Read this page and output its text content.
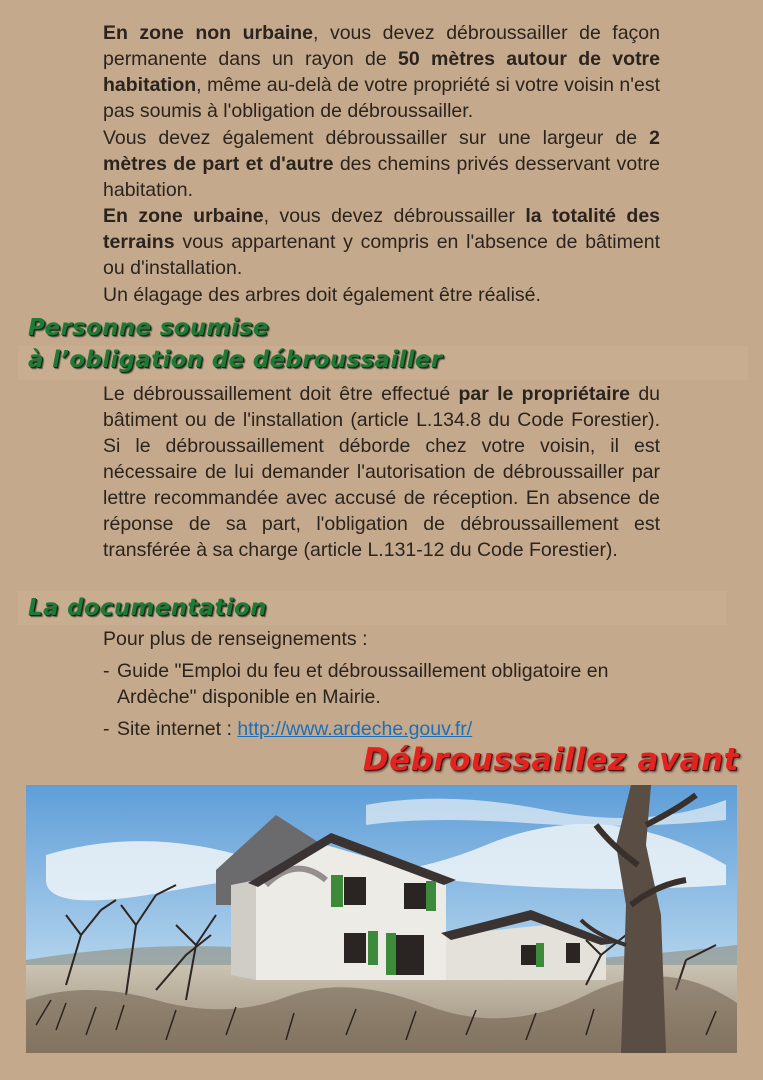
En zone non urbaine, vous devez débroussailler de façon permanente dans un rayon de 50 mètres autour de votre habitation, même au-delà de votre propriété si votre voisin n'est pas soumis à l'obligation de débroussailler.

Vous devez également débroussailler sur une largeur de 2 mètres de part et d'autre des chemins privés desservant votre habitation.

En zone urbaine, vous devez débroussailler la totalité des terrains vous appartenant y compris en l'absence de bâtiment ou d'installation.

Un élagage des arbres doit également être réalisé.

Personne soumise
à l’obligation de débroussailler

Le débroussaillement doit être effectué par le propriétaire du bâtiment ou de l'installation (article L.134.8 du Code Forestier). Si le débroussaillement déborde chez votre voisin, il est nécessaire de lui demander l'autorisation de débroussailler par lettre recommandée avec accusé de réception. En absence de réponse de sa part, l'obligation de débroussaillement est transférée à sa charge (article L.131-12 du Code Forestier).

La documentation
Pour plus de renseignements :
- Guide "Emploi du feu et débroussaillement obligatoire en Ardèche" disponible en Mairie.
- Site internet : http://www.ardeche.gouv.fr/
Débroussaillez avant
